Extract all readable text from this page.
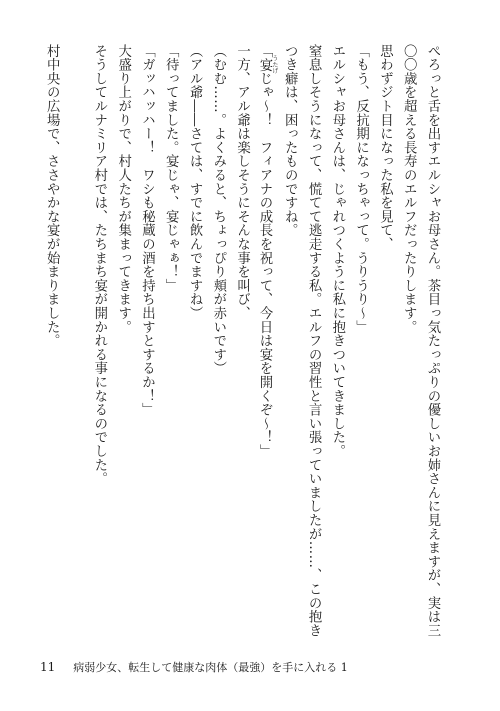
ぺろっと舌を出すエルシャお母さん。茶目っ気たっぷりの優しいお姉さんに見えますが、実は三
〇〇歳を超える長寿のエルフだったりします。
思わずジト目になった私を見て、
「もう、反抗期になっちゃって。うりうり～」
エルシャお母さんは、じゃれつくように私に抱きついてきました。
窒息しそうになって、慌てて逃走する私。エルフの習性と言い張っていましたが……、この抱き
つき癖は、困ったものですね。
「宴 うたげじゃ～！　フィアナの成長を祝って、今日は宴を開くぞ～！」
一方、アル爺は楽しそうにそんな事を叫び、
（むむ……。よくみると、ちょっぴり頬が赤いです）
（アル爺――さては、すでに飲んでますね）
「待ってました。宴じゃ、宴じゃぁ！」
「ガッハッハー！　ワシも秘蔵の酒を持ち出すとするか！」
大盛り上がりで、村人たちが集まってきます。
そうしてルナミリア村では、たちまち宴が開かれる事になるのでした。
村中央の広場で、ささやかな宴が始まりました。
11 病弱少女、転生して健康な肉体（最強）を手に入れる 1
